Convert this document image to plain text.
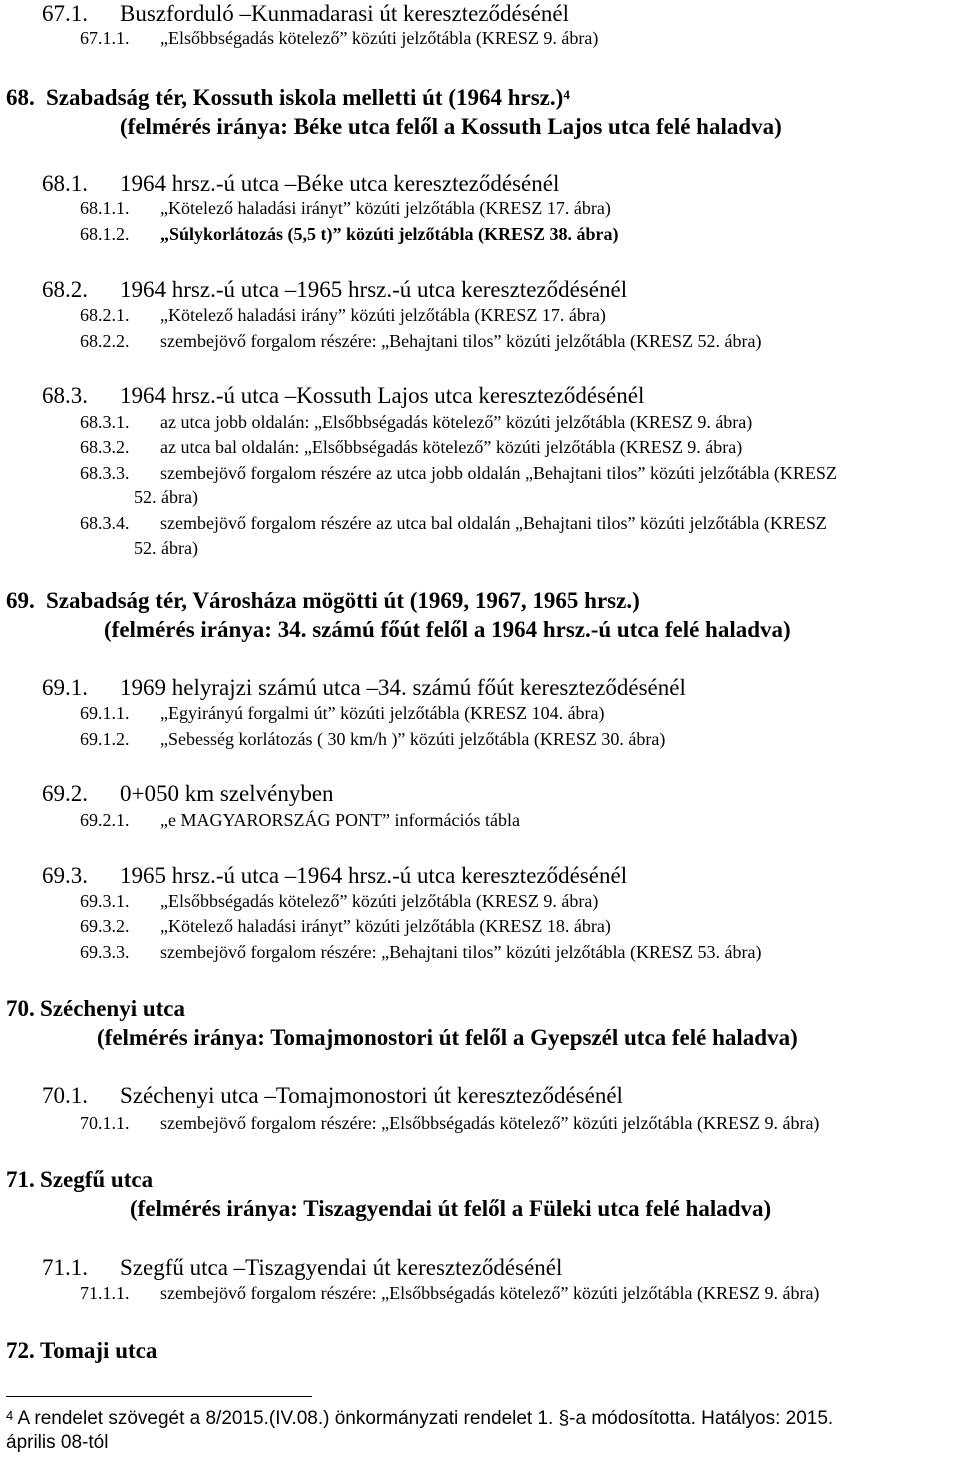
67.1. Buszforduló –Kunmadarasi út kereszteződésénél
67.1.1. „Elsőbbségadás kötelező” közúti jelzőtábla (KRESZ 9. ábra)
68. Szabadság tér, Kossuth iskola melletti út (1964 hrsz.)$^4$
(felmérés iránya: Béke utca felől a Kossuth Lajos utca felé haladva)
68.1. 1964 hrsz.-ú utca –Béke utca kereszteződésénél
68.1.1. „Kötelező haladási irányt” közúti jelzőtábla (KRESZ 17. ábra)
68.1.2. „Súlykorlátozás (5,5 t)” közúti jelzőtábla (KRESZ 38. ábra)
68.2. 1964 hrsz.-ú utca –1965 hrsz.-ú utca kereszteződésénél
68.2.1. „Kötelező haladási irány” közúti jelzőtábla (KRESZ 17. ábra)
68.2.2. szembejövő forgalom részére: „Behajtani tilos” közúti jelzőtábla (KRESZ 52. ábra)
68.3. 1964 hrsz.-ú utca –Kossuth Lajos utca kereszteződésénél
68.3.1. az utca jobb oldalán: „Elsőbbségadás kötelező” közúti jelzőtábla (KRESZ 9. ábra)
68.3.2. az utca bal oldalán: „Elsőbbségadás kötelező” közúti jelzőtábla (KRESZ 9. ábra)
68.3.3. szembejövő forgalom részére az utca jobb oldalán „Behajtani tilos” közúti jelzőtábla (KRESZ
52. ábra)
68.3.4. szembejövő forgalom részére az utca bal oldalán „Behajtani tilos” közúti jelzőtábla (KRESZ
52. ábra)
69. Szabadság tér, Városháza mögötti út (1969, 1967, 1965 hrsz.)
(felmérés iránya: 34. számú főút felől a 1964 hrsz.-ú utca felé haladva)
69.1. 1969 helyrajzi számú utca –34. számú főút kereszteződésénél
69.1.1. „Egyirányú forgalmi út” közúti jelzőtábla (KRESZ 104. ábra)
69.1.2. „Sebesség korlátozás ( 30 km/h )” közúti jelzőtábla (KRESZ 30. ábra)
69.2. 0+050 km szelvényben
69.2.1. „e MAGYARORSZÁG PONT” információs tábla
69.3. 1965 hrsz.-ú utca –1964 hrsz.-ú utca kereszteződésénél
69.3.1. „Elsőbbségadás kötelező” közúti jelzőtábla (KRESZ 9. ábra)
69.3.2. „Kötelező haladási irányt” közúti jelzőtábla (KRESZ 18. ábra)
69.3.3. szembejövő forgalom részére: „Behajtani tilos” közúti jelzőtábla (KRESZ 53. ábra)
70. Széchenyi utca
(felmérés iránya: Tomajmonostori út felől a Gyepszél utca felé haladva)
70.1. Széchenyi utca –Tomajmonostori út kereszteződésénél
70.1.1. szembejövő forgalom részére: „Elsőbbségadás kötelező” közúti jelzőtábla (KRESZ 9. ábra)
71. Szegfű utca
(felmérés iránya: Tiszagyendai út felől a Füleki utca felé haladva)
71.1. Szegfű utca –Tiszagyendai út kereszteződésénél
71.1.1. szembejövő forgalom részére: „Elsőbbségadás kötelező” közúti jelzőtábla (KRESZ 9. ábra)
72. Tomaji utca
$^4$ A rendelet szövegét a 8/2015.(IV.08.) önkormányzati rendelet 1. §-a módosította. Hatályos: 2015.
április 08-tól
